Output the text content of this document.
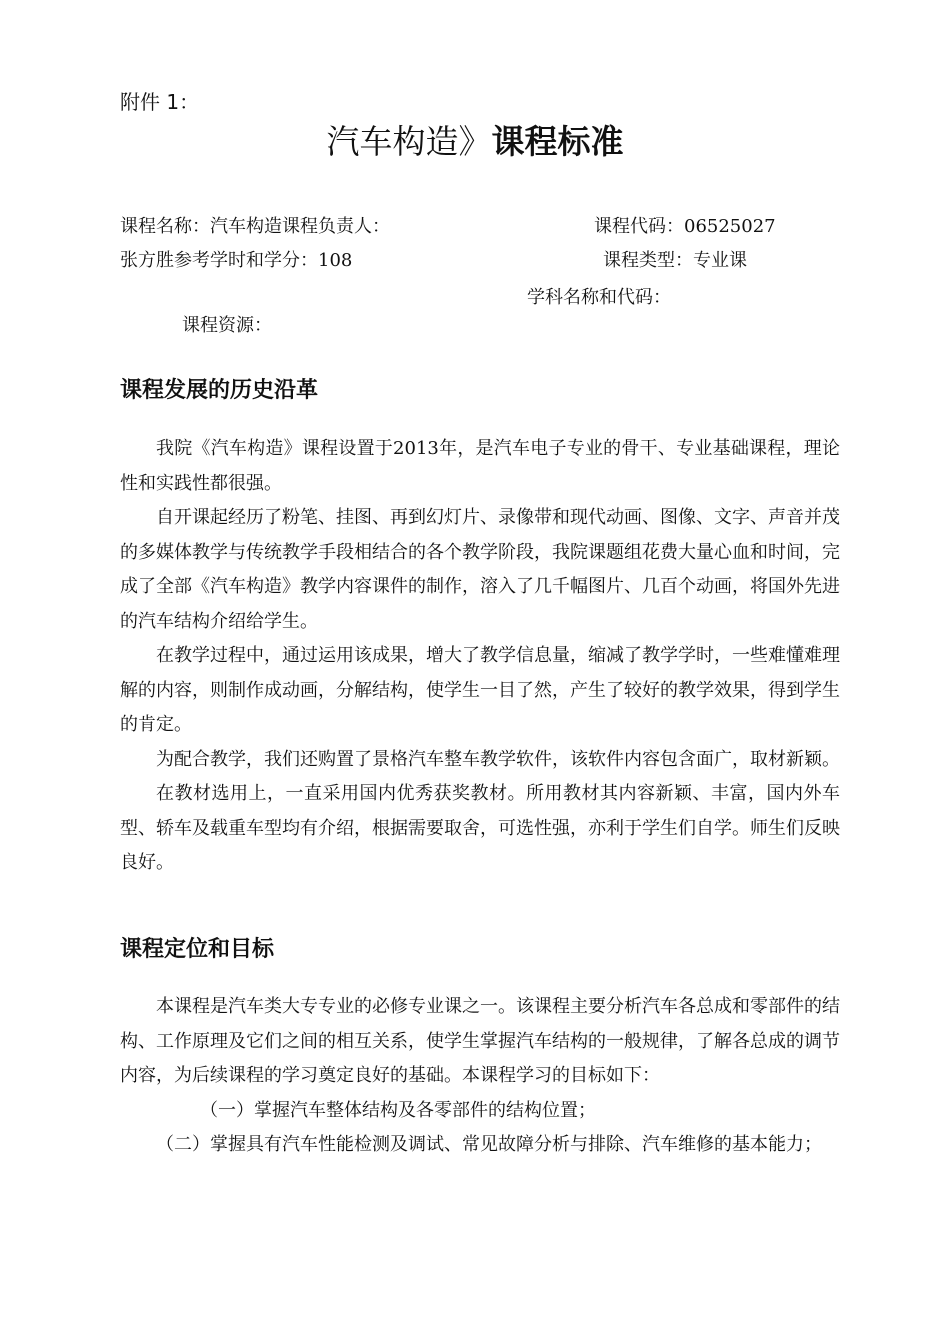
附件 1：
汽车构造》课程标准
课程名称：汽车构造课程负责人：	课程代码：06525027
张方胜参考学时和学分：108	课程类型：专业课
学科名称和代码：
课程资源：
课程发展的历史沿革

我院《汽车构造》课程设置于2013年，是汽车电子专业的骨干、专业基础课程，理论性和实践性都很强。

自开课起经历了粉笔、挂图、再到幻灯片、录像带和现代动画、图像、文字、声音并茂的多媒体教学与传统教学手段相结合的各个教学阶段，我院课题组花费大量心血和时间，完成了全部《汽车构造》教学内容课件的制作，溶入了几千幅图片、几百个动画，将国外先进的汽车结构介绍给学生。

在教学过程中，通过运用该成果，增大了教学信息量，缩减了教学学时，一些难懂难理解的内容，则制作成动画，分解结构，使学生一目了然，产生了较好的教学效果，得到学生的肯定。

为配合教学，我们还购置了景格汽车整车教学软件，该软件内容包含面广，取材新颖。

在教材选用上，一直采用国内优秀获奖教材。所用教材其内容新颖、丰富，国内外车型、轿车及载重车型均有介绍，根据需要取舍，可选性强，亦利于学生们自学。师生们反映良好。

课程定位和目标

本课程是汽车类大专专业的必修专业课之一。该课程主要分析汽车各总成和零部件的结构、工作原理及它们之间的相互关系，使学生掌握汽车结构的一般规律，了解各总成的调节内容，为后续课程的学习奠定良好的基础。本课程学习的目标如下：

（一）掌握汽车整体结构及各零部件的结构位置；

（二）掌握具有汽车性能检测及调试、常见故障分析与排除、汽车维修的基本能力；
